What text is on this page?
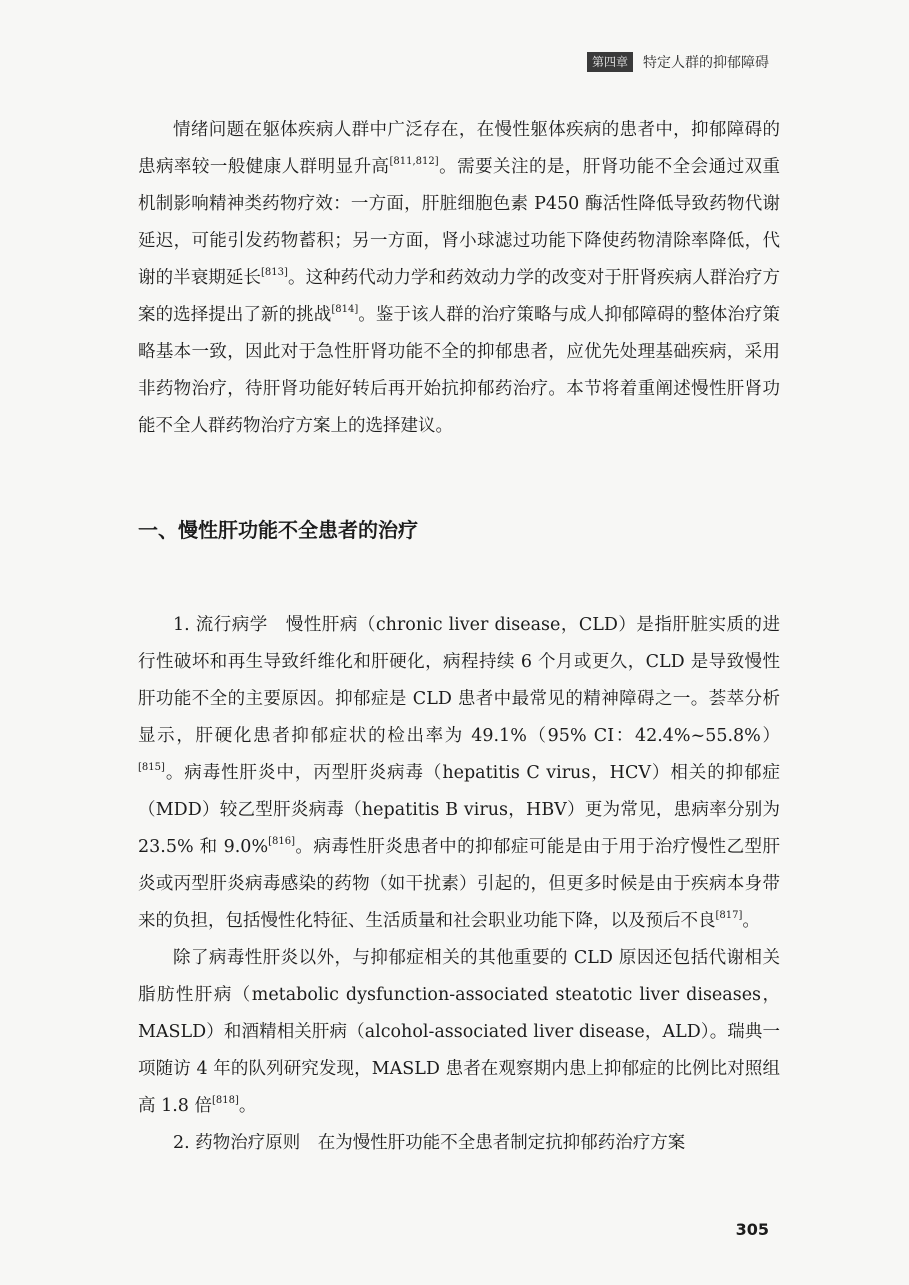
第四章	特定人群的抑郁障碍

情绪问题在躯体疾病人群中广泛存在，在慢性躯体疾病的患者中，抑郁障碍的患病率较一般健康人群明显升高[811,812]。需要关注的是，肝肾功能不全会通过双重机制影响精神类药物疗效：一方面，肝脏细胞色素 P450 酶活性降低导致药物代谢延迟，可能引发药物蓄积；另一方面，肾小球滤过功能下降使药物清除率降低，代谢的半衰期延长[813]。这种药代动力学和药效动力学的改变对于肝肾疾病人群治疗方案的选择提出了新的挑战[814]。鉴于该人群的治疗策略与成人抑郁障碍的整体治疗策略基本一致，因此对于急性肝肾功能不全的抑郁患者，应优先处理基础疾病，采用非药物治疗，待肝肾功能好转后再开始抗抑郁药治疗。本节将着重阐述慢性肝肾功能不全人群药物治疗方案上的选择建议。

一、慢性肝功能不全患者的治疗

1. 流行病学　慢性肝病（chronic liver disease，CLD）是指肝脏实质的进行性破坏和再生导致纤维化和肝硬化，病程持续 6 个月或更久，CLD 是导致慢性肝功能不全的主要原因。抑郁症是 CLD 患者中最常见的精神障碍之一。荟萃分析显示，肝硬化患者抑郁症状的检出率为 49.1%（95% CI：42.4%~55.8%）[815]。病毒性肝炎中，丙型肝炎病毒（hepatitis C virus，HCV）相关的抑郁症（MDD）较乙型肝炎病毒（hepatitis B virus，HBV）更为常见，患病率分别为 23.5% 和 9.0%[816]。病毒性肝炎患者中的抑郁症可能是由于用于治疗慢性乙型肝炎或丙型肝炎病毒感染的药物（如干扰素）引起的，但更多时候是由于疾病本身带来的负担，包括慢性化特征、生活质量和社会职业功能下降，以及预后不良[817]。

除了病毒性肝炎以外，与抑郁症相关的其他重要的 CLD 原因还包括代谢相关脂肪性肝病（metabolic dysfunction-associated steatotic liver diseases，MASLD）和酒精相关肝病（alcohol-associated liver disease，ALD）。瑞典一项随访 4 年的队列研究发现，MASLD 患者在观察期内患上抑郁症的比例比对照组高 1.8 倍[818]。

2. 药物治疗原则　在为慢性肝功能不全患者制定抗抑郁药治疗方案

305
